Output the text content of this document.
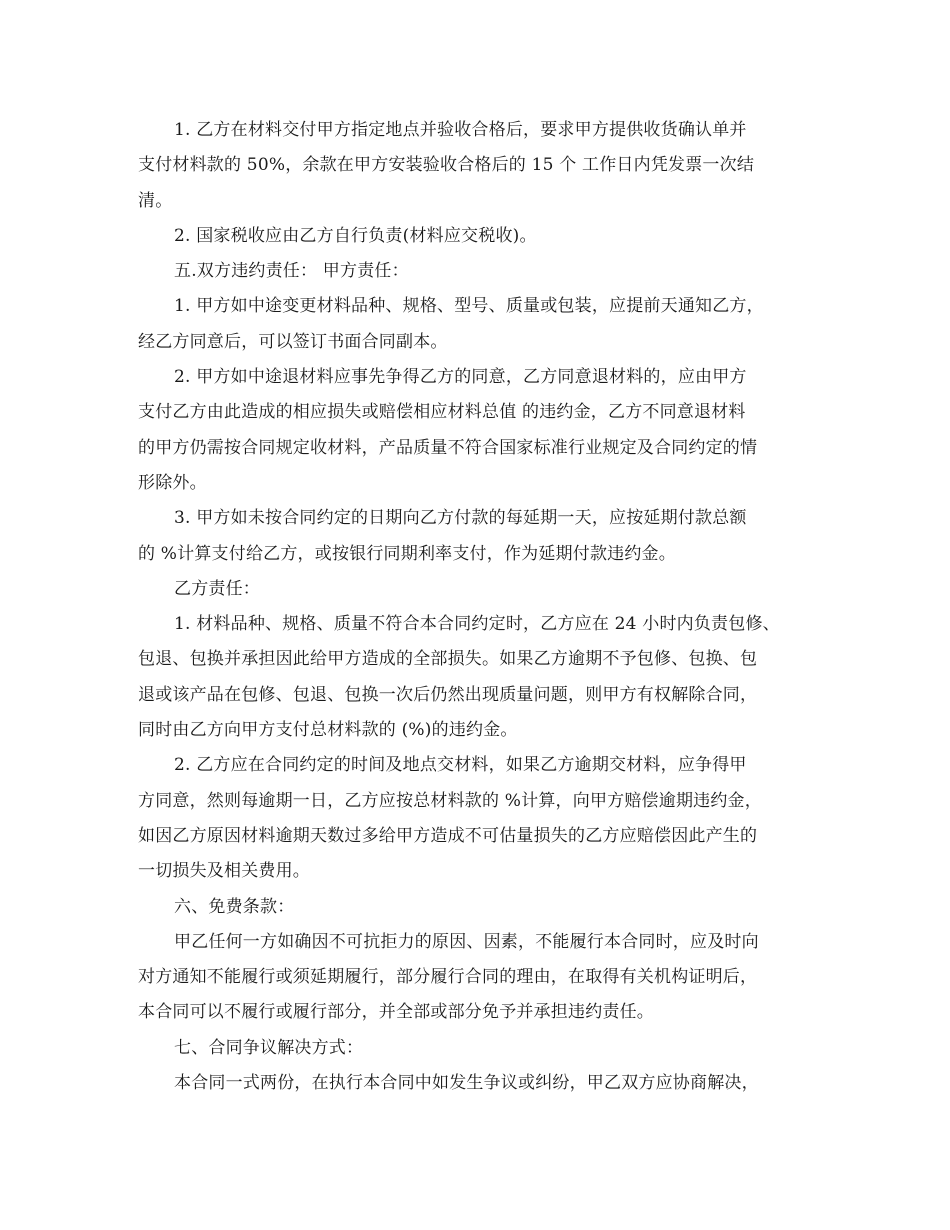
1. 乙方在材料交付甲方指定地点并验收合格后，要求甲方提供收货确认单并
支付材料款的 50%，余款在甲方安装验收合格后的 15 个 工作日内凭发票一次结
清。
2. 国家税收应由乙方自行负责(材料应交税收)。
五.双方违约责任： 甲方责任：
1. 甲方如中途变更材料品种、规格、型号、质量或包装，应提前天通知乙方，
经乙方同意后，可以签订书面合同副本。
2. 甲方如中途退材料应事先争得乙方的同意，乙方同意退材料的，应由甲方
支付乙方由此造成的相应损失或赔偿相应材料总值 的违约金，乙方不同意退材料
的甲方仍需按合同规定收材料，产品质量不符合国家标准行业规定及合同约定的情
形除外。
3. 甲方如未按合同约定的日期向乙方付款的每延期一天，应按延期付款总额
的 %计算支付给乙方，或按银行同期利率支付，作为延期付款违约金。
乙方责任：
1. 材料品种、规格、质量不符合本合同约定时，乙方应在 24 小时内负责包修、
包退、包换并承担因此给甲方造成的全部损失。如果乙方逾期不予包修、包换、包
退或该产品在包修、包退、包换一次后仍然出现质量问题，则甲方有权解除合同，
同时由乙方向甲方支付总材料款的 (%)的违约金。
2. 乙方应在合同约定的时间及地点交材料，如果乙方逾期交材料，应争得甲
方同意，然则每逾期一日，乙方应按总材料款的 %计算，向甲方赔偿逾期违约金，
如因乙方原因材料逾期天数过多给甲方造成不可估量损失的乙方应赔偿因此产生的
一切损失及相关费用。
六、免费条款：
甲乙任何一方如确因不可抗拒力的原因、因素，不能履行本合同时，应及时向
对方通知不能履行或须延期履行，部分履行合同的理由，在取得有关机构证明后，
本合同可以不履行或履行部分，并全部或部分免予并承担违约责任。
七、合同争议解决方式：
本合同一式两份，在执行本合同中如发生争议或纠纷，甲乙双方应协商解决，
